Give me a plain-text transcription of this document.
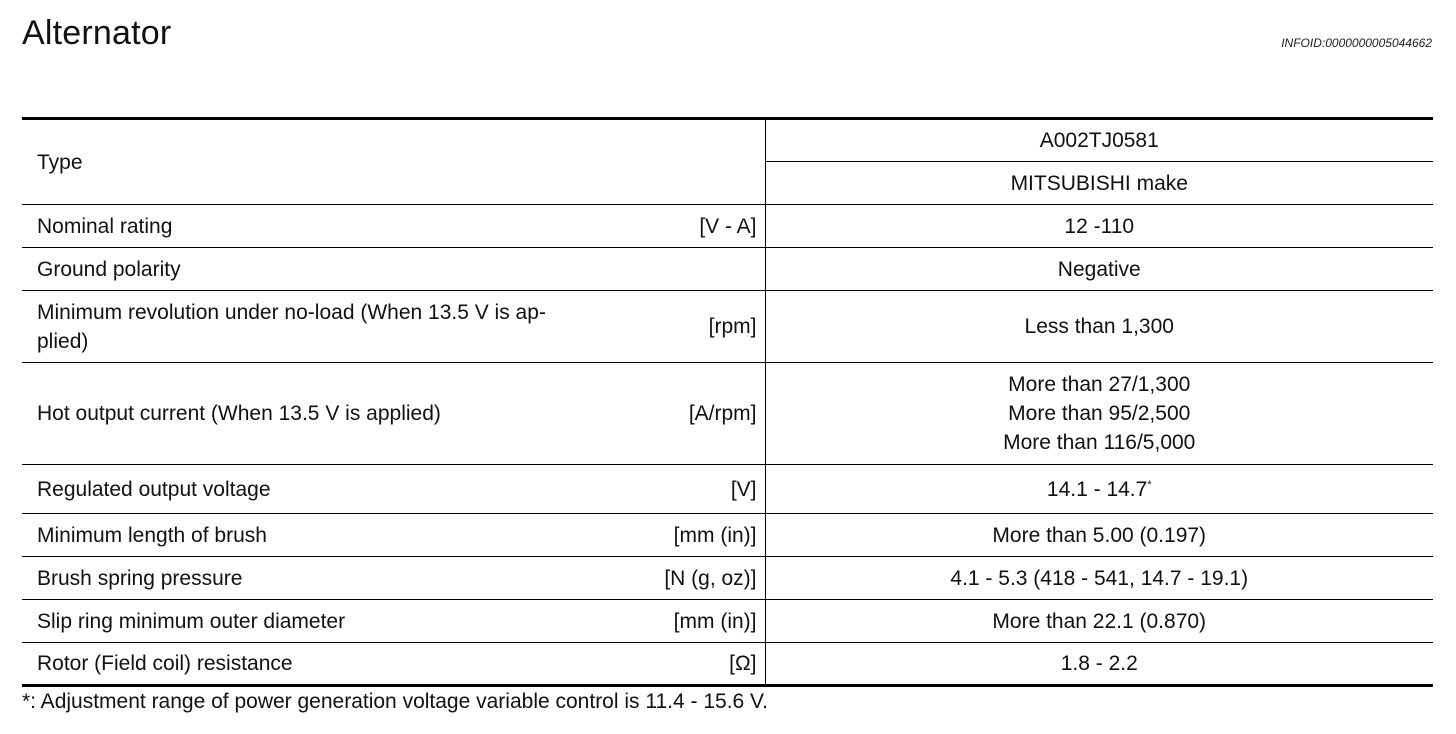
Alternator	INFOID:0000000005044662
Type		A002TJ0581
		MITSUBISHI make
Nominal rating	[V - A]	12 -110
Ground polarity		Negative

Minimum revolution under no-load (When 13.5 V is ap-
plied)	[rpm]	Less than 1,300
Hot output current (When 13.5 V is applied)	[A/rpm]	More than 27/1,300
More than 95/2,500
More than 116/5,000

Regulated output voltage	[V]	14.1 - 14.7*
Minimum length of brush	[mm (in)]	More than 5.00 (0.197)
Brush spring pressure	[N (g, oz)]	4.1 - 5.3 (418 - 541, 14.7 - 19.1)
Slip ring minimum outer diameter	[mm (in)]	More than 22.1 (0.870)
Rotor (Field coil) resistance	[Ω]	1.8 - 2.2
*: Adjustment range of power generation voltage variable control is 11.4 - 15.6 V.
